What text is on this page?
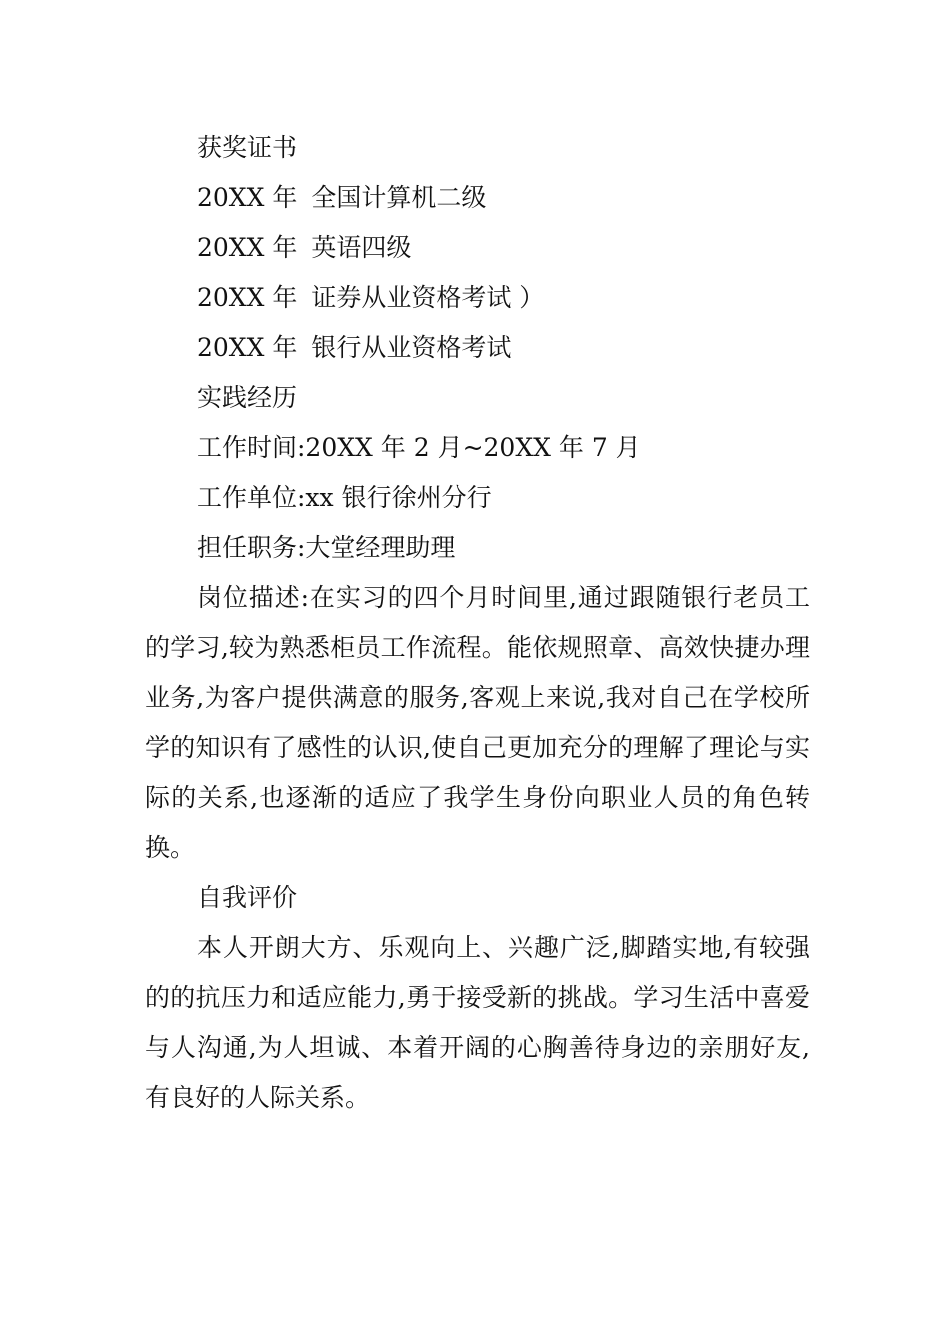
获奖证书
20XX 年 全国计算机二级
20XX 年 英语四级
20XX 年 证券从业资格考试 ）
20XX 年 银行从业资格考试
实践经历
工作时间:20XX 年 2 月~20XX 年 7 月
工作单位:xx 银行徐州分行
担任职务:大堂经理助理

岗位描述:在实习的四个月时间里,通过跟随银行老员工的学习,较为熟悉柜员工作流程。能依规照章、高效快捷办理业务,为客户提供满意的服务,客观上来说,我对自己在学校所学的知识有了感性的认识,使自己更加充分的理解了理论与实际的关系,也逐渐的适应了我学生身份向职业人员的角色转换。

自我评价

本人开朗大方、乐观向上、兴趣广泛,脚踏实地,有较强的的抗压力和适应能力,勇于接受新的挑战。学习生活中喜爱与人沟通,为人坦诚、本着开阔的心胸善待身边的亲朋好友,有良好的人际关系。
